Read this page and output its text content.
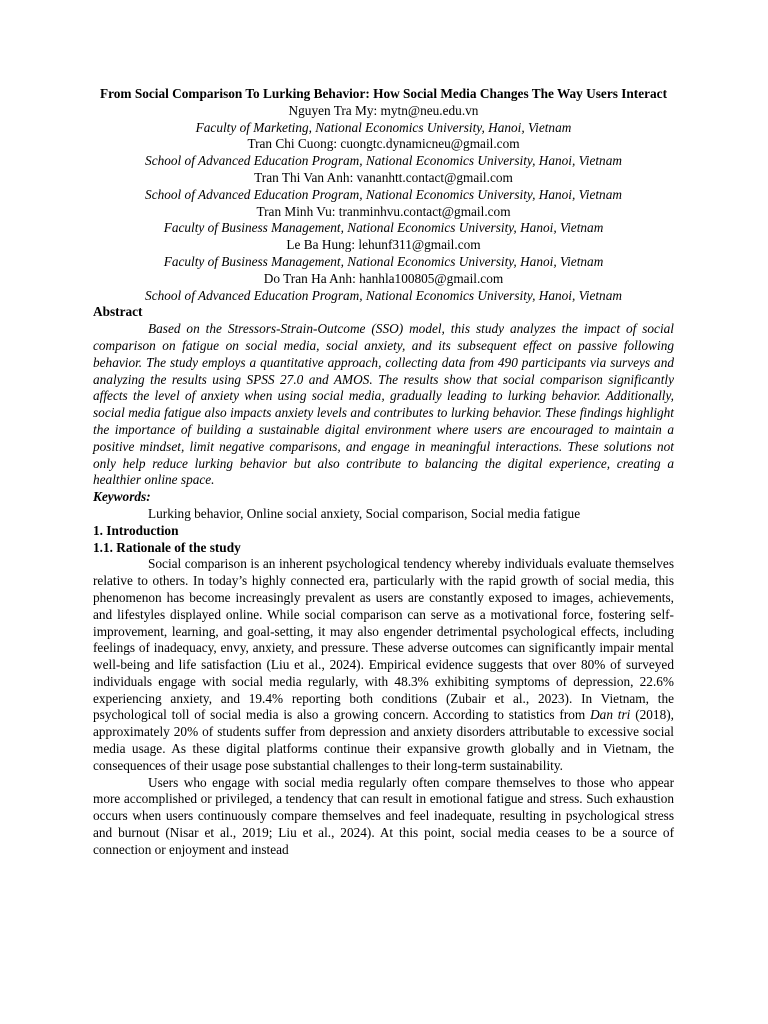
From Social Comparison To Lurking Behavior: How Social Media Changes The Way Users Interact

Nguyen Tra My: mytn@neu.edu.vn

Faculty of Marketing, National Economics University, Hanoi, Vietnam

Tran Chi Cuong: cuongtc.dynamicneu@gmail.com

School of Advanced Education Program, National Economics University, Hanoi, Vietnam

Tran Thi Van Anh: vananhtt.contact@gmail.com

School of Advanced Education Program, National Economics University, Hanoi, Vietnam

Tran Minh Vu: tranminhvu.contact@gmail.com

Faculty of Business Management, National Economics University, Hanoi, Vietnam

Le Ba Hung: lehunf311@gmail.com

Faculty of Business Management, National Economics University, Hanoi, Vietnam

Do Tran Ha Anh: hanhla100805@gmail.com

School of Advanced Education Program, National Economics University, Hanoi, Vietnam

Abstract

Based on the Stressors-Strain-Outcome (SSO) model, this study analyzes the impact of social comparison on fatigue on social media, social anxiety, and its subsequent effect on passive following behavior. The study employs a quantitative approach, collecting data from 490 participants via surveys and analyzing the results using SPSS 27.0 and AMOS. The results show that social comparison significantly affects the level of anxiety when using social media, gradually leading to lurking behavior. Additionally, social media fatigue also impacts anxiety levels and contributes to lurking behavior. These findings highlight the importance of building a sustainable digital environment where users are encouraged to maintain a positive mindset, limit negative comparisons, and engage in meaningful interactions. These solutions not only help reduce lurking behavior but also contribute to balancing the digital experience, creating a healthier online space.

Keywords:

Lurking behavior, Online social anxiety, Social comparison, Social media fatigue

1. Introduction

1.1. Rationale of the study

Social comparison is an inherent psychological tendency whereby individuals evaluate themselves relative to others. In today’s highly connected era, particularly with the rapid growth of social media, this phenomenon has become increasingly prevalent as users are constantly exposed to images, achievements, and lifestyles displayed online. While social comparison can serve as a motivational force, fostering self-improvement, learning, and goal-setting, it may also engender detrimental psychological effects, including feelings of inadequacy, envy, anxiety, and pressure. These adverse outcomes can significantly impair mental well-being and life satisfaction (Liu et al., 2024). Empirical evidence suggests that over 80% of surveyed individuals engage with social media regularly, with 48.3% exhibiting symptoms of depression, 22.6% experiencing anxiety, and 19.4% reporting both conditions (Zubair et al., 2023). In Vietnam, the psychological toll of social media is also a growing concern. According to statistics from Dan tri (2018), approximately 20% of students suffer from depression and anxiety disorders attributable to excessive social media usage. As these digital platforms continue their expansive growth globally and in Vietnam, the consequences of their usage pose substantial challenges to their long-term sustainability.

Users who engage with social media regularly often compare themselves to those who appear more accomplished or privileged, a tendency that can result in emotional fatigue and stress. Such exhaustion occurs when users continuously compare themselves and feel inadequate, resulting in psychological stress and burnout (Nisar et al., 2019; Liu et al., 2024). At this point, social media ceases to be a source of connection or enjoyment and instead
